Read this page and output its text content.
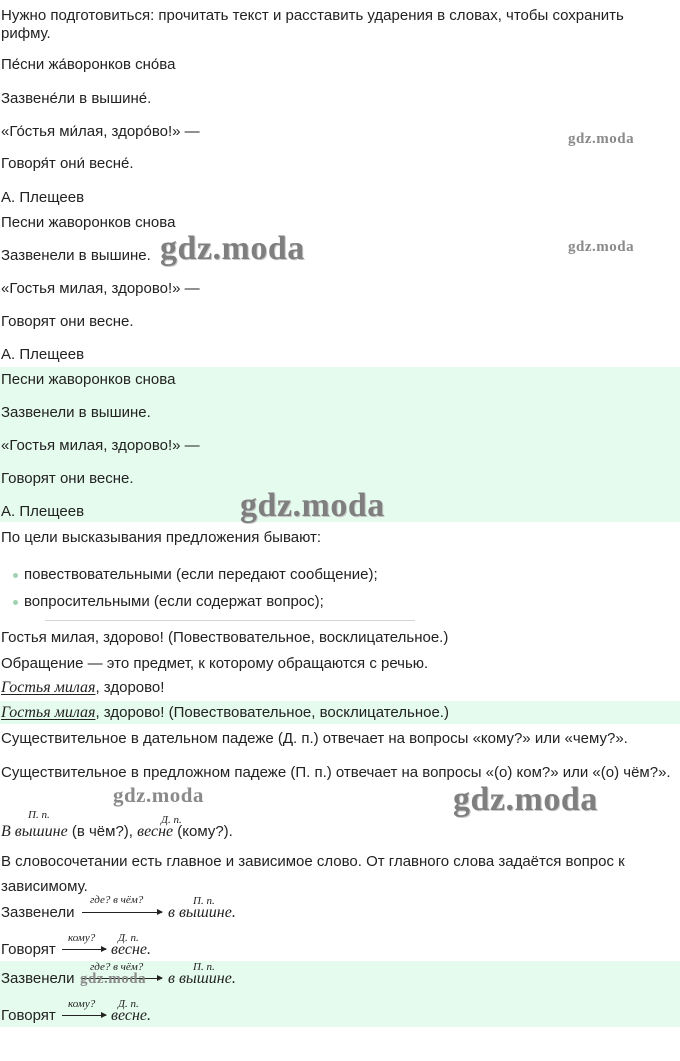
Нужно подготовиться: прочитать текст и расставить ударения в словах, чтобы сохранить рифму.
Пе́сни жа́воронков сно́ва
Зазвене́ли в вышине́.
«Го́стья ми́лая, здоро́во!» —
Говоря́т они́ весне́.
А. Плещеев
Песни жаворонков снова
Зазвенели в вышине.
«Гостья милая, здорово!» —
Говорят они весне.
А. Плещеев
Песни жаворонков снова
Зазвенели в вышине.
«Гостья милая, здорово!» —
Говорят они весне.
А. Плещеев
По цели высказывания предложения бывают:
повествовательными (если передают сообщение);
вопросительными (если содержат вопрос);
Гостья милая, здорово! (Повествовательное, восклицательное.)
Обращение — это предмет, к которому обращаются с речью.
Гостья милая, здорово!
Гостья милая, здорово! (Повествовательное, восклицательное.)
Существительное в дательном падеже (Д. п.) отвечает на вопросы «кому?» или «чему?».
Существительное в предложном падеже (П. п.) отвечает на вопросы «(о) ком?» или «(о) чём?».
П. п.	Д. п.
В вышине (в чём?), весне (кому?).
В словосочетании есть главное и зависимое слово. От главного слова задаётся вопрос к зависимому.
Зазвенели
где? в чём?	П. п.
в вышине.
Говорят
кому? Д. п.
весне.
Зазвенели
где? в чём?	П. п.
в вышине.
Говорят
кому? Д. п.
весне.
gdz.moda
gdz.moda
gdz.moda
gdz.moda
gdz.moda	gdz.moda
gdz.moda
